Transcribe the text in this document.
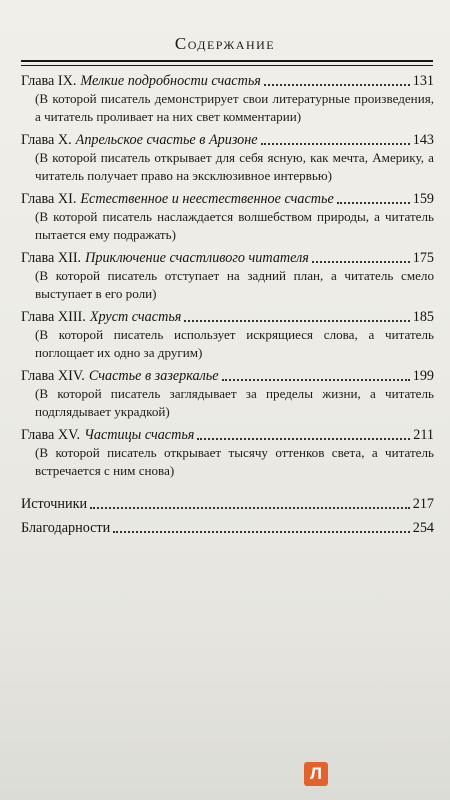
Содержание
Глава IX. Мелкие подробности счастья	131
(В которой писатель демонстрирует свои литературные произведения, а читатель проливает на них свет комментарии)
Глава X. Апрельское счастье в Аризоне	143
(В которой писатель открывает для себя ясную, как мечта, Америку, а читатель получает право на эксклюзивное интервью)
Глава XI. Естественное и неестественное счастье	159
(В которой писатель наслаждается волшебством природы, а читатель пытается ему подражать)
Глава XII. Приключение счастливого читателя	175
(В которой писатель отступает на задний план, а читатель смело выступает в его роли)
Глава XIII. Хруст счастья	185
(В которой писатель использует искрящиеся слова, а читатель поглощает их одно за другим)
Глава XIV. Счастье в зазеркалье	199
(В которой писатель заглядывает за пределы жизни, а читатель подглядывает украдкой)
Глава XV. Частицы счастья	211
(В которой писатель открывает тысячу оттенков света, а читатель встречается с ним снова)
Источники	217
Благодарности	254
Л
